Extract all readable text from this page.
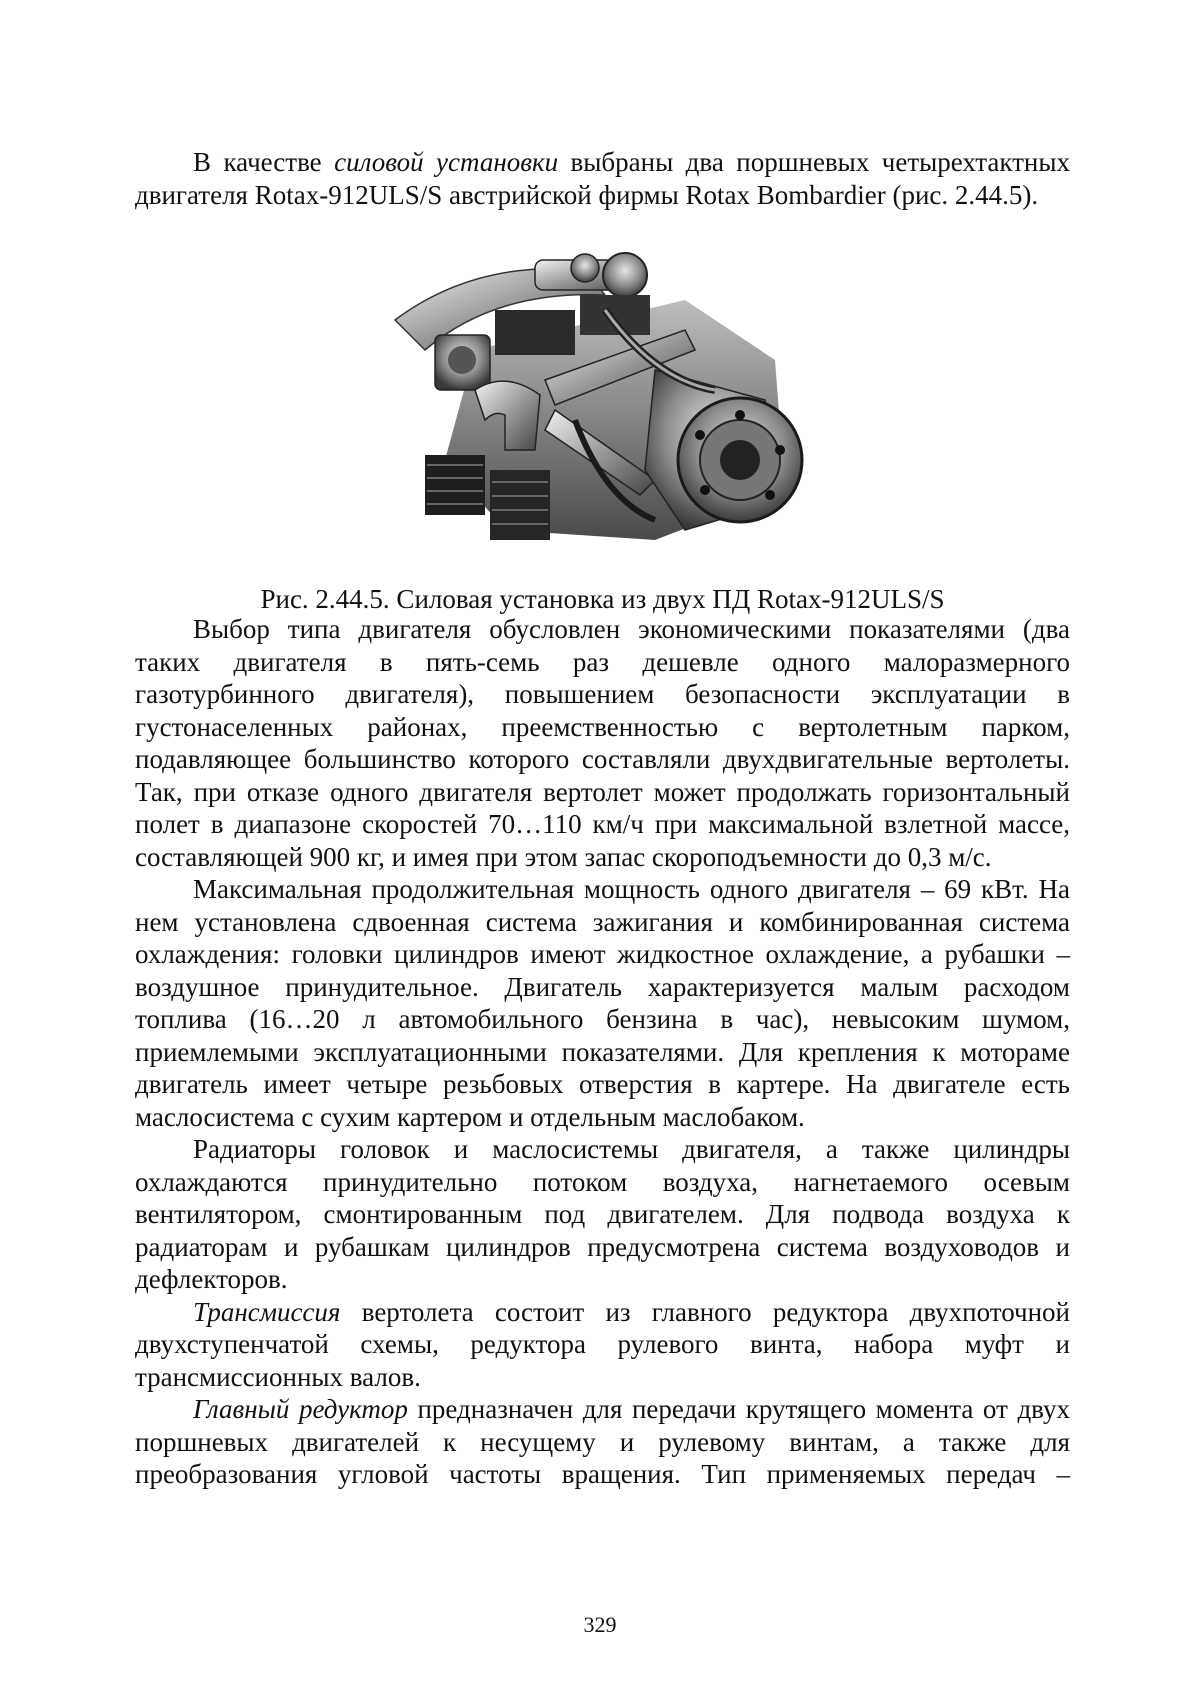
В качестве силовой установки выбраны два поршневых четырехтактных двигателя Rotax-912ULS/S австрийской фирмы Rotax Bombardier (рис. 2.44.5).

Рис. 2.44.5. Силовая установка из двух ПД Rotax-912ULS/S

Выбор типа двигателя обусловлен экономическими показателями (два таких двигателя в пять-семь раз дешевле одного малоразмерного газотурбинного двигателя), повышением безопасности эксплуатации в густонаселенных районах, преемственностью с вертолетным парком, подавляющее большинство которого составляли двухдвигательные вертолеты. Так, при отказе одного двигателя вертолет может продолжать горизонтальный полет в диапазоне скоростей 70…110 км/ч при максимальной взлетной массе, составляющей 900 кг, и имея при этом запас скороподъемности до 0,3 м/с.

Максимальная продолжительная мощность одного двигателя – 69 кВт. На нем установлена сдвоенная система зажигания и комбинированная система охлаждения: головки цилиндров имеют жидкостное охлаждение, а рубашки – воздушное принудительное. Двигатель характеризуется малым расходом топлива (16…20 л автомобильного бензина в час), невысоким шумом, приемлемыми эксплуатационными показателями. Для крепления к мотораме двигатель имеет четыре резьбовых отверстия в картере. На двигателе есть маслосистема с сухим картером и отдельным маслобаком.

Радиаторы головок и маслосистемы двигателя, а также цилиндры охлаждаются принудительно потоком воздуха, нагнетаемого осевым вентилятором, смонтированным под двигателем. Для подвода воздуха к радиаторам и рубашкам цилиндров предусмотрена система воздуховодов и дефлекторов.

Трансмиссия вертолета состоит из главного редуктора двухпоточной двухступенчатой схемы, редуктора рулевого винта, набора муфт и трансмиссионных валов.

Главный редуктор предназначен для передачи крутящего момента от двух поршневых двигателей к несущему и рулевому винтам, а также для преобразования угловой частоты вращения. Тип применяемых передач –

329
